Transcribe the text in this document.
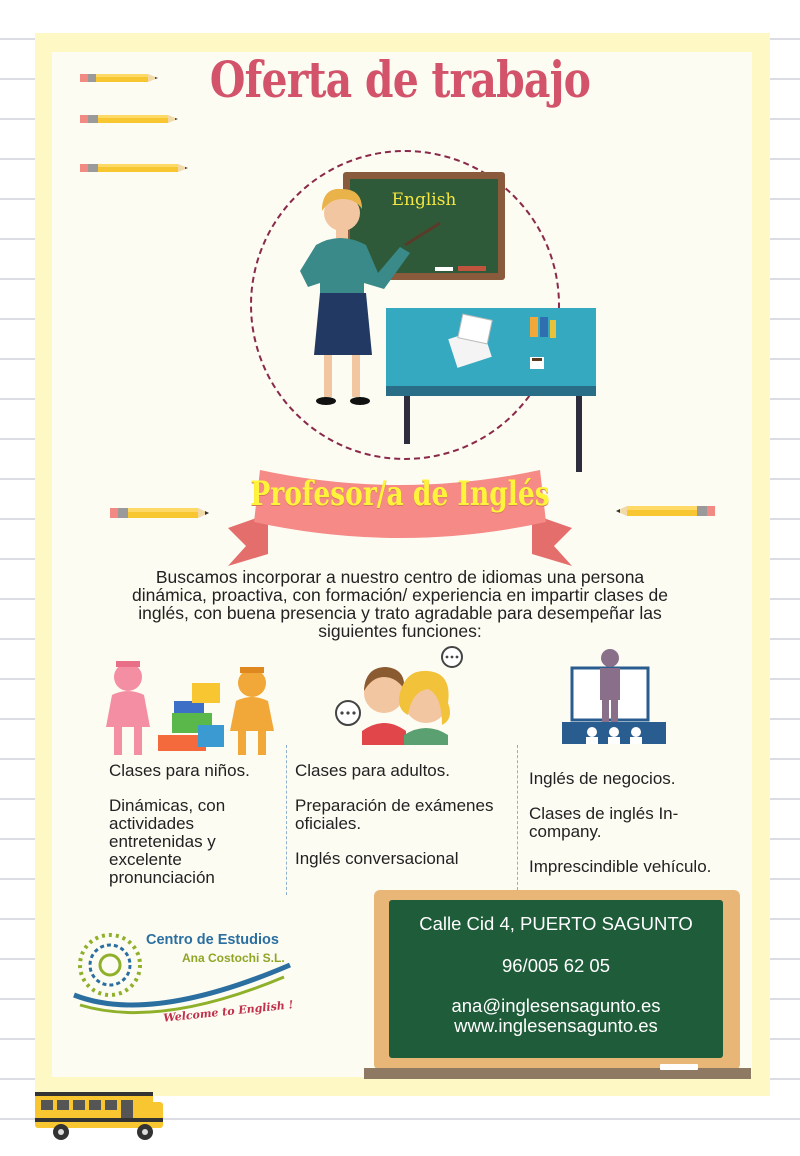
Oferta de trabajo
English
Profesor/a de Inglés
Buscamos incorporar a nuestro centro de idiomas una persona dinámica, proactiva, con formación/ experiencia en impartir clases de inglés, con buena presencia y trato agradable para desempeñar las siguientes funciones:

Clases para niños.

Dinámicas, con actividades entretenidas y excelente pronunciación

Clases para adultos.

Preparación de exámenes oficiales.

Inglés conversacional

Inglés de negocios.

Clases de inglés In-company.

Imprescindible vehículo.

Centro de Estudios
Ana Costochi S.L.
Welcome to English !
Calle Cid 4, PUERTO SAGUNTO
96/005 62 05
ana@inglesensagunto.es
www.inglesensagunto.es
